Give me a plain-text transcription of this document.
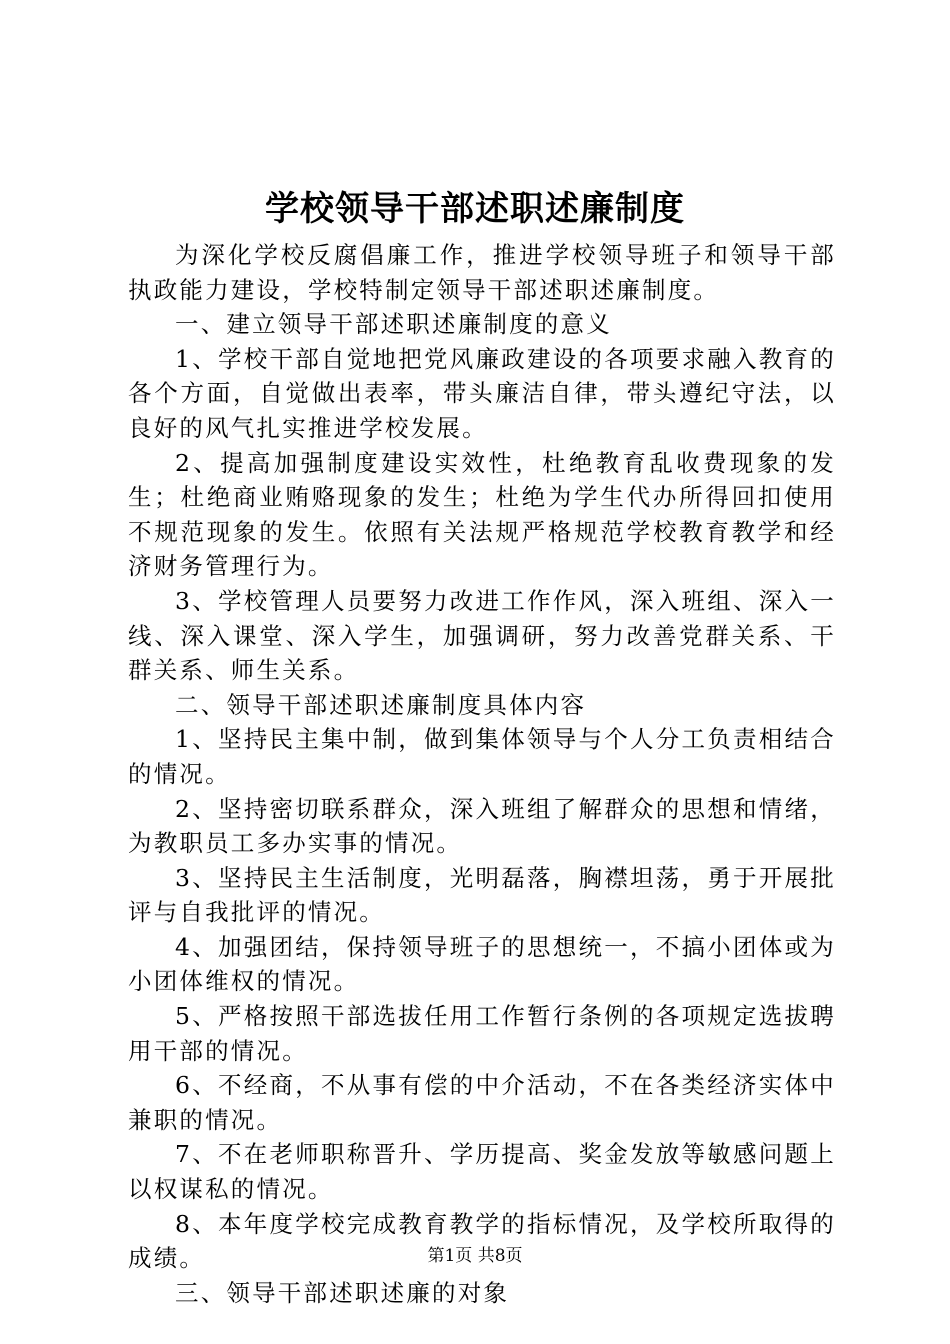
学校领导干部述职述廉制度

为深化学校反腐倡廉工作，推进学校领导班子和领导干部执政能力建设，学校特制定领导干部述职述廉制度。

一、建立领导干部述职述廉制度的意义

1、学校干部自觉地把党风廉政建设的各项要求融入教育的各个方面，自觉做出表率，带头廉洁自律，带头遵纪守法，以良好的风气扎实推进学校发展。

2、提高加强制度建设实效性，杜绝教育乱收费现象的发生；杜绝商业贿赂现象的发生；杜绝为学生代办所得回扣使用不规范现象的发生。依照有关法规严格规范学校教育教学和经济财务管理行为。

3、学校管理人员要努力改进工作作风，深入班组、深入一线、深入课堂、深入学生，加强调研，努力改善党群关系、干群关系、师生关系。

二、领导干部述职述廉制度具体内容

1、坚持民主集中制，做到集体领导与个人分工负责相结合的情况。

2、坚持密切联系群众，深入班组了解群众的思想和情绪，为教职员工多办实事的情况。

3、坚持民主生活制度，光明磊落，胸襟坦荡，勇于开展批评与自我批评的情况。

4、加强团结，保持领导班子的思想统一，不搞小团体或为小团体维权的情况。

5、严格按照干部选拔任用工作暂行条例的各项规定选拔聘用干部的情况。

6、不经商，不从事有偿的中介活动，不在各类经济实体中兼职的情况。

7、不在老师职称晋升、学历提高、奖金发放等敏感问题上以权谋私的情况。

8、本年度学校完成教育教学的指标情况，及学校所取得的成绩。

三、领导干部述职述廉的对象

第1页 共8页
